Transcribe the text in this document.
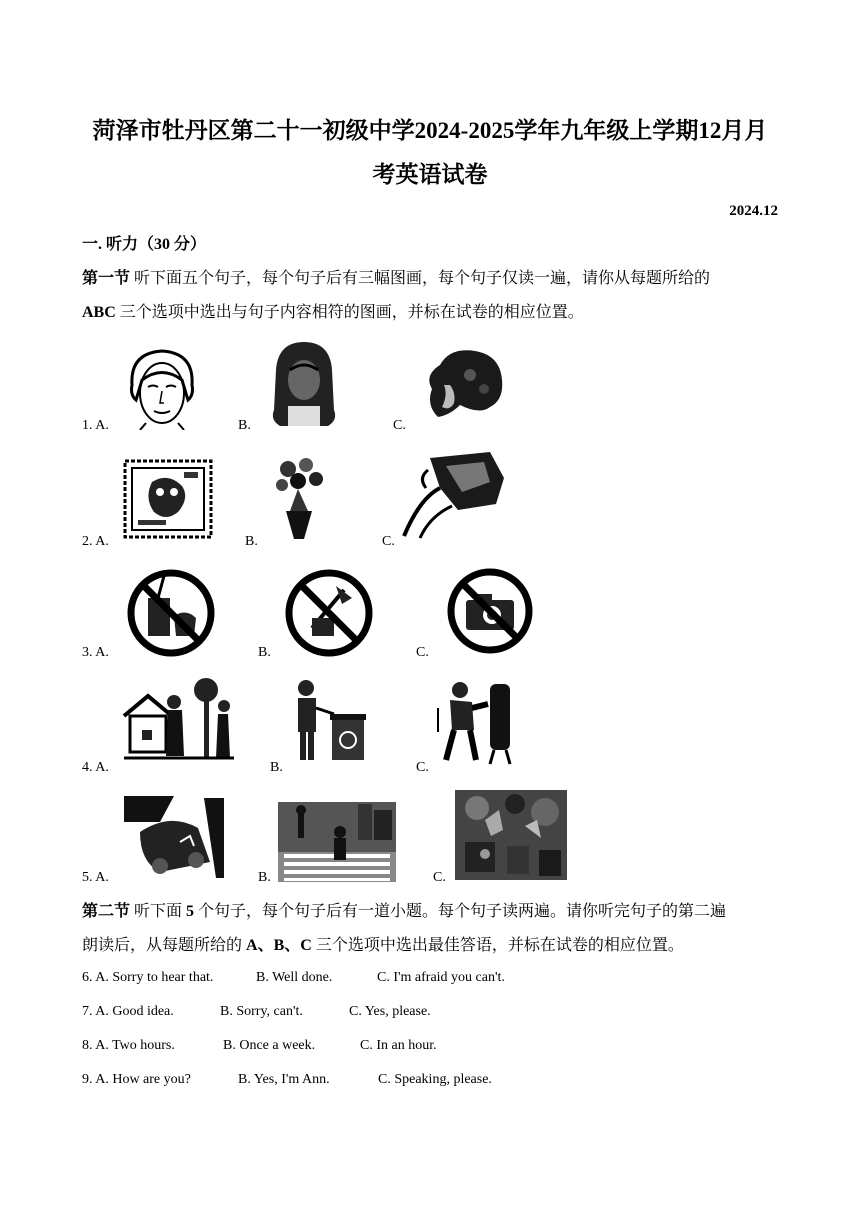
菏泽市牡丹区第二十一初级中学2024-2025学年九年级上学期12月月
考英语试卷
2024.12
一. 听力（30 分）
第一节 听下面五个句子，每个句子后有三幅图画，每个句子仅读一遍，请你从每题所给的
ABC 三个选项中选出与句子内容相符的图画，并标在试卷的相应位置。
1. A.	B.	C.
2. A.	B.	C.
3. A.	B.	C.
4. A.	B.	C.
5. A.	B.	C.
第二节 听下面 5 个句子，每个句子后有一道小题。每个句子读两遍。请你听完句子的第二遍
朗读后，从每题所给的 A、B、C 三个选项中选出最佳答语，并标在试卷的相应位置。
6. A. Sorry to hear that.	B. Well done.	C. I'm afraid you can't.
7. A. Good idea.	B. Sorry, can't.	C. Yes, please.
8. A. Two hours.	B. Once a week.	C. In an hour.
9. A. How are you?	B. Yes, I'm Ann.	C. Speaking, please.
